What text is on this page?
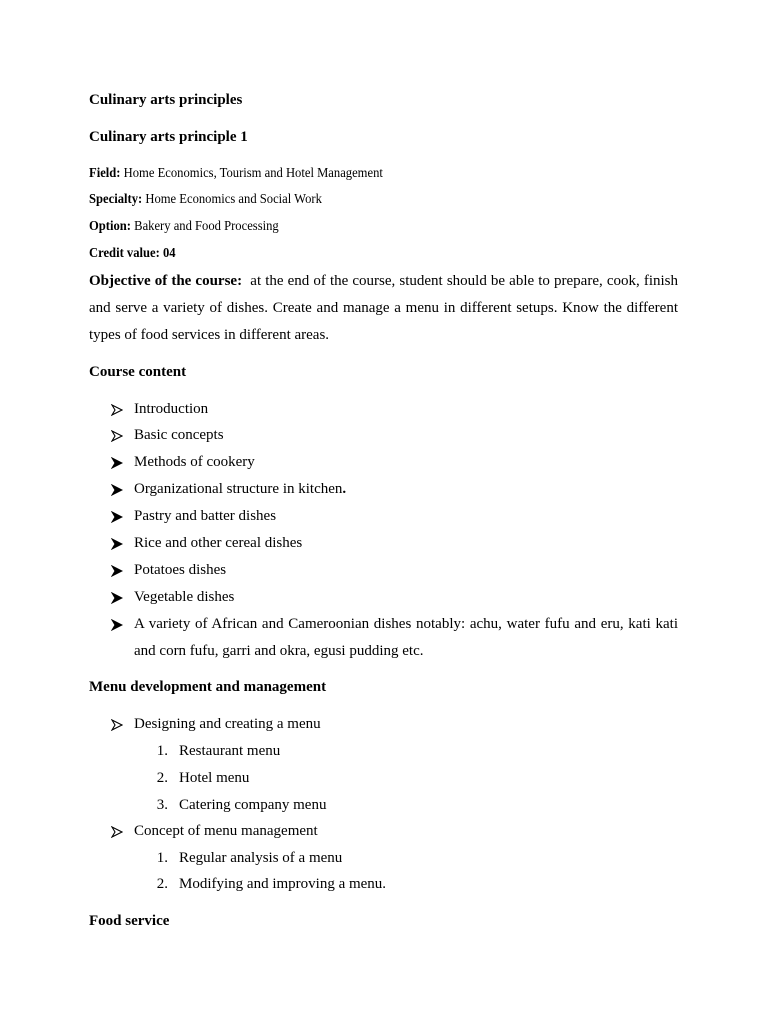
Culinary arts principles
Culinary arts principle 1
Field: Home Economics, Tourism and Hotel Management
Specialty: Home Economics and Social Work
Option: Bakery and Food Processing
Credit value: 04
Objective of the course: at the end of the course, student should be able to prepare, cook, finish and serve a variety of dishes. Create and manage a menu in different setups. Know the different types of food services in different areas.
Course content
Introduction
Basic concepts
Methods of cookery
Organizational structure in kitchen.
Pastry and batter dishes
Rice and other cereal dishes
Potatoes dishes
Vegetable dishes
A variety of African and Cameroonian dishes notably: achu, water fufu and eru, kati kati and corn fufu, garri and okra, egusi pudding etc.
Menu development and management
Designing and creating a menu
1. Restaurant menu
2. Hotel menu
3. Catering company menu
Concept of menu management
1. Regular analysis of a menu
2. Modifying and improving a menu.
Food service
